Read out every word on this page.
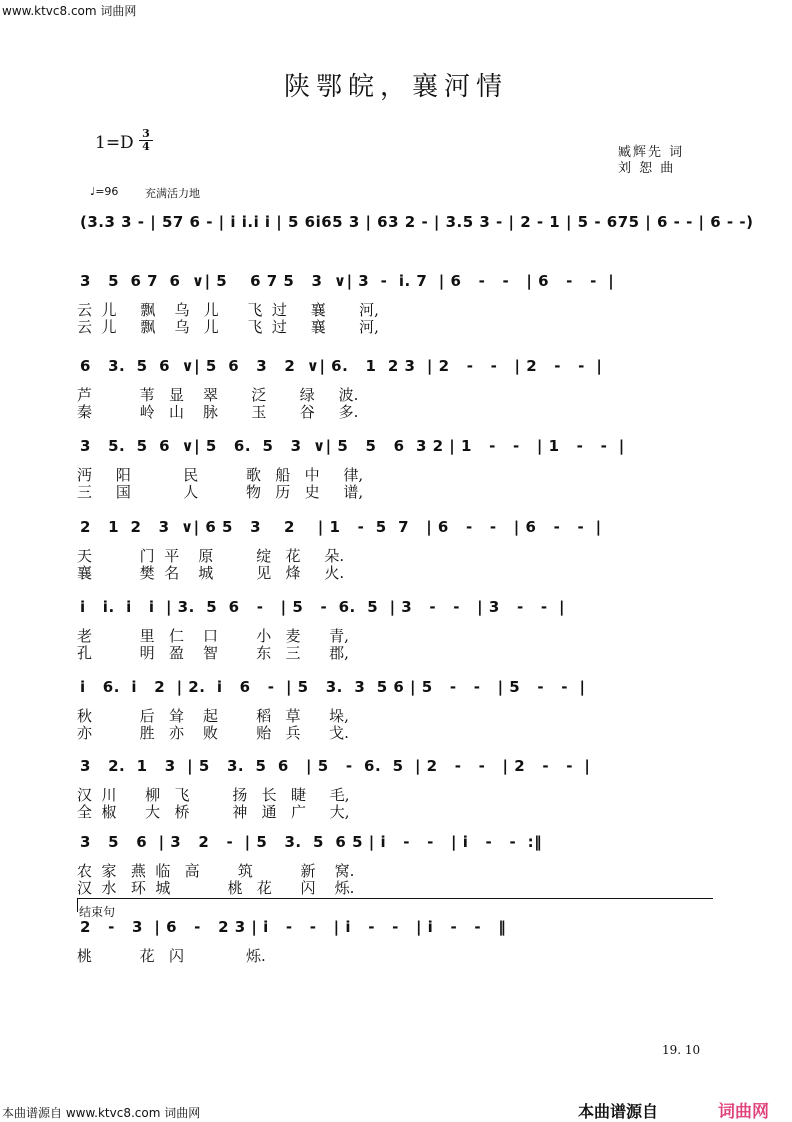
www.ktvc8.com 词曲网
陕鄂皖，襄河情
$1=D \frac{3}{4}$	臧辉先 词
刘 恕 曲
♩=96 充满活力地
(3.3 3 - | 57 6 - | i i.i i | 5 6i65 3 | 63 2 - | 3.5 3 - | 2 - 1 | 5 - 675 | 6 - - | 6 - -)
3   5  6 7  6  ∨| 5    6 7 5   3  ∨| 3  -  i. 7  | 6   -   -   | 6   -   -  |
云  儿     飘    乌   儿      飞  过     襄       河,
云  儿     飘    乌   儿      飞  过     襄       河,
6   3.  5  6  ∨| 5  6   3   2  ∨| 6.   1  2 3  | 2   -   -   | 2   -   -  |
芦          苇   显    翠       泛       绿     波.
秦          岭   山    脉       玉       谷     多.
3   5.  5  6  ∨| 5   6.  5   3  ∨| 5   5   6  3 2 | 1   -   -   | 1   -   -  |
沔     阳           民          歌   船   中     律,
三     国           人          物   历   史     谱,
2   1  2   3  ∨| 6 5   3    2    | 1   -  5  7   | 6   -   -   | 6   -   -  |
天          门  平    原         绽   花     朵.
襄          樊  名    城         见   烽     火.
i   i.  i   i  | 3.  5  6   -   | 5   -  6.  5  | 3   -   -   | 3   -   -  |
老          里   仁    口        小   麦      青,
孔          明   盈    智        东   三      郡,
i   6.  i   2  | 2.  i   6   -  | 5   3.  3  5 6 | 5   -   -   | 5   -   -  |
秋          后   耸    起        稻   草      垛,
亦          胜   亦    败        贻   兵      戈.
3   2.  1   3  | 5   3.  5  6   | 5   -  6.  5  | 2   -   -   | 2   -   -  |
汉  川      柳   飞         扬   长   睫     毛,
全  椒      大   桥         神   通   广     大,
3   5   6  | 3   2   -  | 5   3.  5  6 5 | i   -   -   | i   -   -  :‖
农  家   燕  临   高        筑          新    窝.
汉  水   环  城            桃   花      闪    烁.
2   -   3  | 6   -   2 3 | i   -   -   | i   -   -   | i   -   -   ‖
桃          花   闪             烁.
结束句
19. 10
本曲谱源自 www.ktvc8.com 词曲网	本曲谱源自	词曲网
